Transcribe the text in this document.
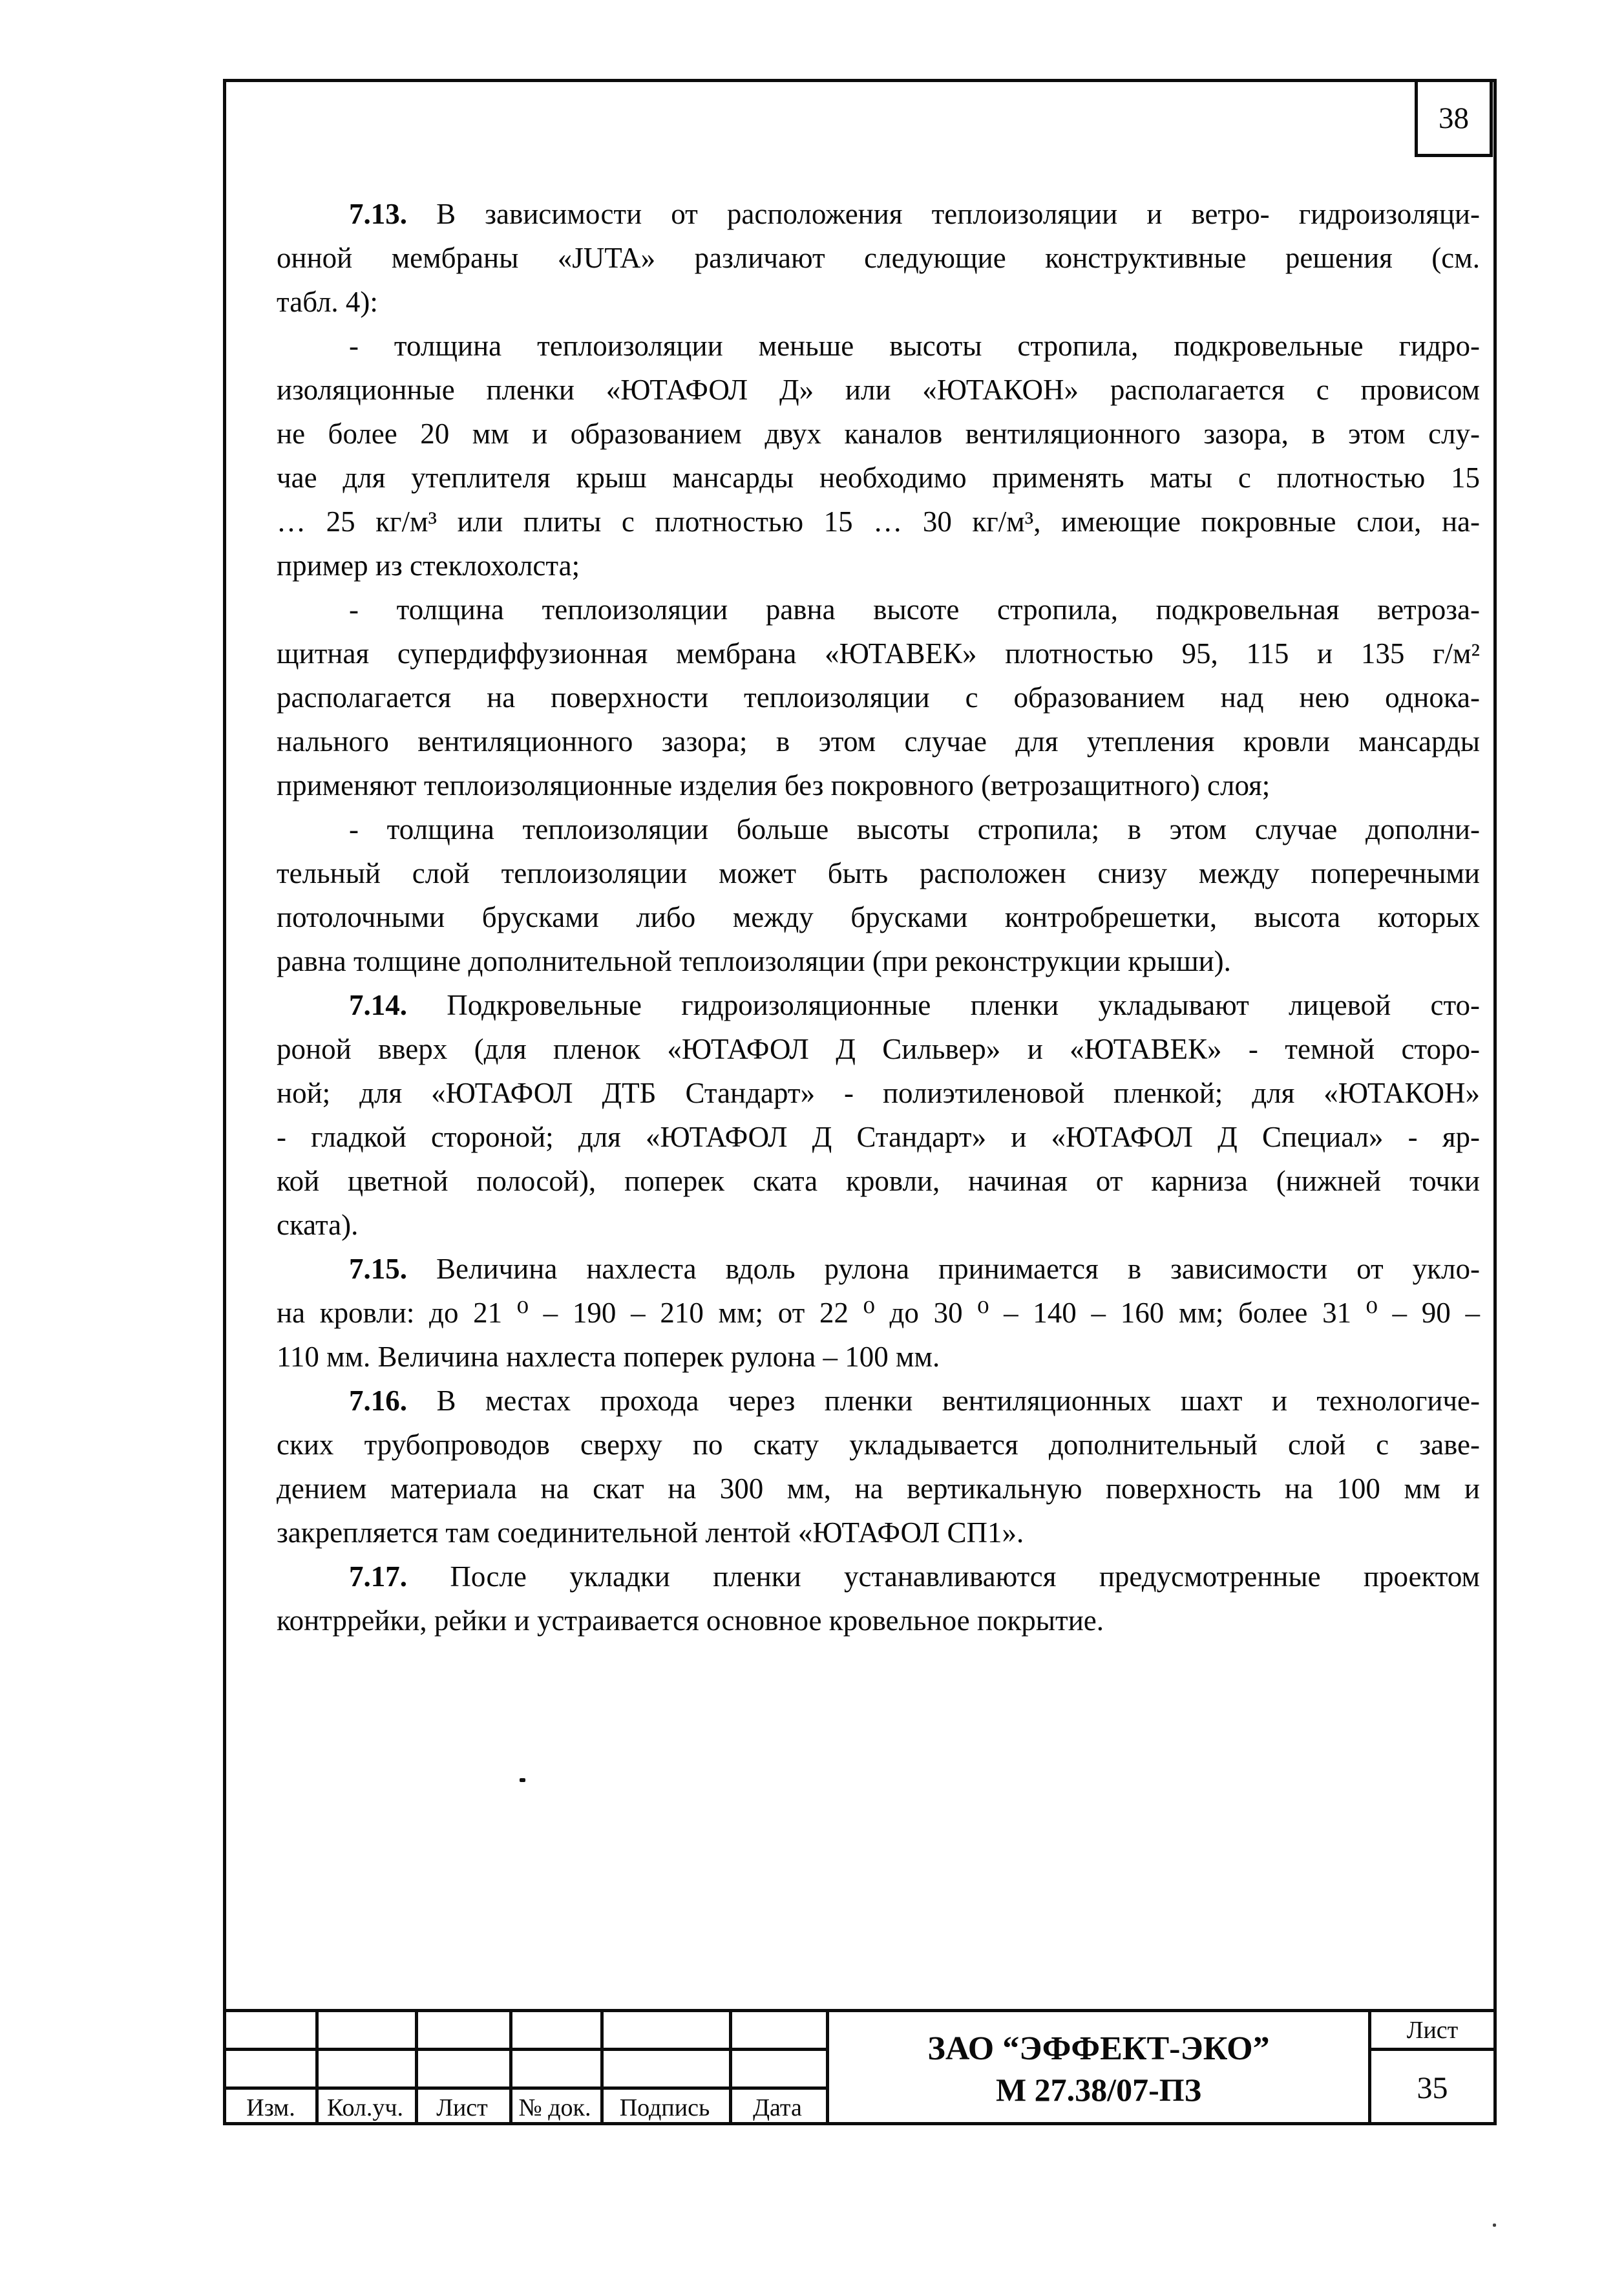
38
7.13. В зависимости от расположения теплоизоляции и ветро- гидроизоляци-
онной мембраны «JUTA» различают следующие конструктивные решения (см.
табл. 4):
- толщина теплоизоляции меньше высоты стропила, подкровельные гидро-
изоляционные пленки «ЮТАФОЛ Д» или «ЮТАКОН» располагается с провисом
не более 20 мм и образованием двух каналов вентиляционного зазора, в этом слу-
чае для утеплителя крыш мансарды необходимо применять маты с плотностью 15
… 25 кг/м³ или плиты с плотностью 15 … 30 кг/м³, имеющие покровные слои, на-
пример из стеклохолста;
- толщина теплоизоляции равна высоте стропила, подкровельная ветроза-
щитная супердиффузионная мембрана «ЮТАВЕК» плотностью 95, 115 и 135 г/м²
располагается на поверхности теплоизоляции с образованием над нею однока-
нального вентиляционного зазора; в этом случае для утепления кровли мансарды
применяют теплоизоляционные изделия без покровного (ветрозащитного) слоя;
- толщина теплоизоляции больше высоты стропила; в этом случае дополни-
тельный слой теплоизоляции может быть расположен снизу между поперечными
потолочными брусками либо между брусками контробрешетки, высота которых
равна толщине дополнительной теплоизоляции (при реконструкции крыши).
7.14. Подкровельные гидроизоляционные пленки укладывают лицевой сто-
роной вверх (для пленок «ЮТАФОЛ Д Сильвер» и «ЮТАВЕК» - темной сторо-
ной; для «ЮТАФОЛ ДТБ Стандарт» - полиэтиленовой пленкой; для «ЮТАКОН»
- гладкой стороной; для «ЮТАФОЛ Д Стандарт» и «ЮТАФОЛ Д Специал» - яр-
кой цветной полосой), поперек ската кровли, начиная от карниза (нижней точки
ската).
7.15. Величина нахлеста вдоль рулона принимается в зависимости от укло-
на кровли: до 21 ⁰ – 190 – 210 мм; от 22 ⁰ до 30 ⁰ – 140 – 160 мм; более 31 ⁰ – 90 –
110 мм. Величина нахлеста поперек рулона – 100 мм.
7.16. В местах прохода через пленки вентиляционных шахт и технологиче-
ских трубопроводов сверху по скату укладывается дополнительный слой с заве-
дением материала на скат на 300 мм, на вертикальную поверхность на 100 мм и
закрепляется там соединительной лентой «ЮТАФОЛ СП1».
7.17. После укладки пленки устанавливаются предусмотренные проектом
контррейки, рейки и устраивается основное кровельное покрытие.
Изм.	Кол.уч.	Лист	№ док.	Подпись	Дата
ЗАО “ЭФФЕКТ-ЭКО”
М 27.38/07-ПЗ
Лист
35
